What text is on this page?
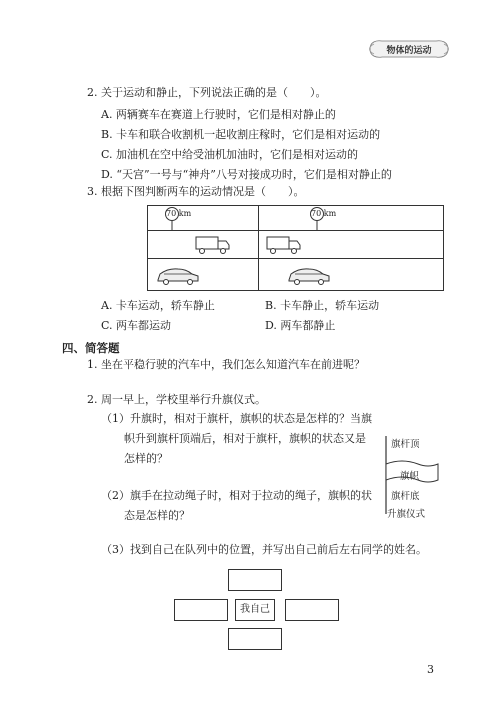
物体的运动
2. 关于运动和静止，下列说法正确的是（　　）。
A. 两辆赛车在赛道上行驶时，它们是相对静止的
B. 卡车和联合收割机一起收割庄稼时，它们是相对运动的
C. 加油机在空中给受油机加油时，它们是相对运动的
D. “天宫”一号与“神舟”八号对接成功时，它们是相对静止的
3. 根据下图判断两车的运动情况是（　　）。
70 km	70 km
A. 卡车运动，轿车静止	B. 卡车静止，轿车运动
C. 两车都运动	D. 两车都静止
四、简答题
1. 坐在平稳行驶的汽车中，我们怎么知道汽车在前进呢？
2. 周一早上，学校里举行升旗仪式。
（1）升旗时，相对于旗杆，旗帜的状态是怎样的？当旗
帜升到旗杆顶端后，相对于旗杆，旗帜的状态又是
怎样的？
（2）旗手在拉动绳子时，相对于拉动的绳子，旗帜的状
态是怎样的？
（3）找到自己在队列中的位置，并写出自己前后左右同学的姓名。
旗杆顶
旗帜
旗杆底
升旗仪式
我自己
3
